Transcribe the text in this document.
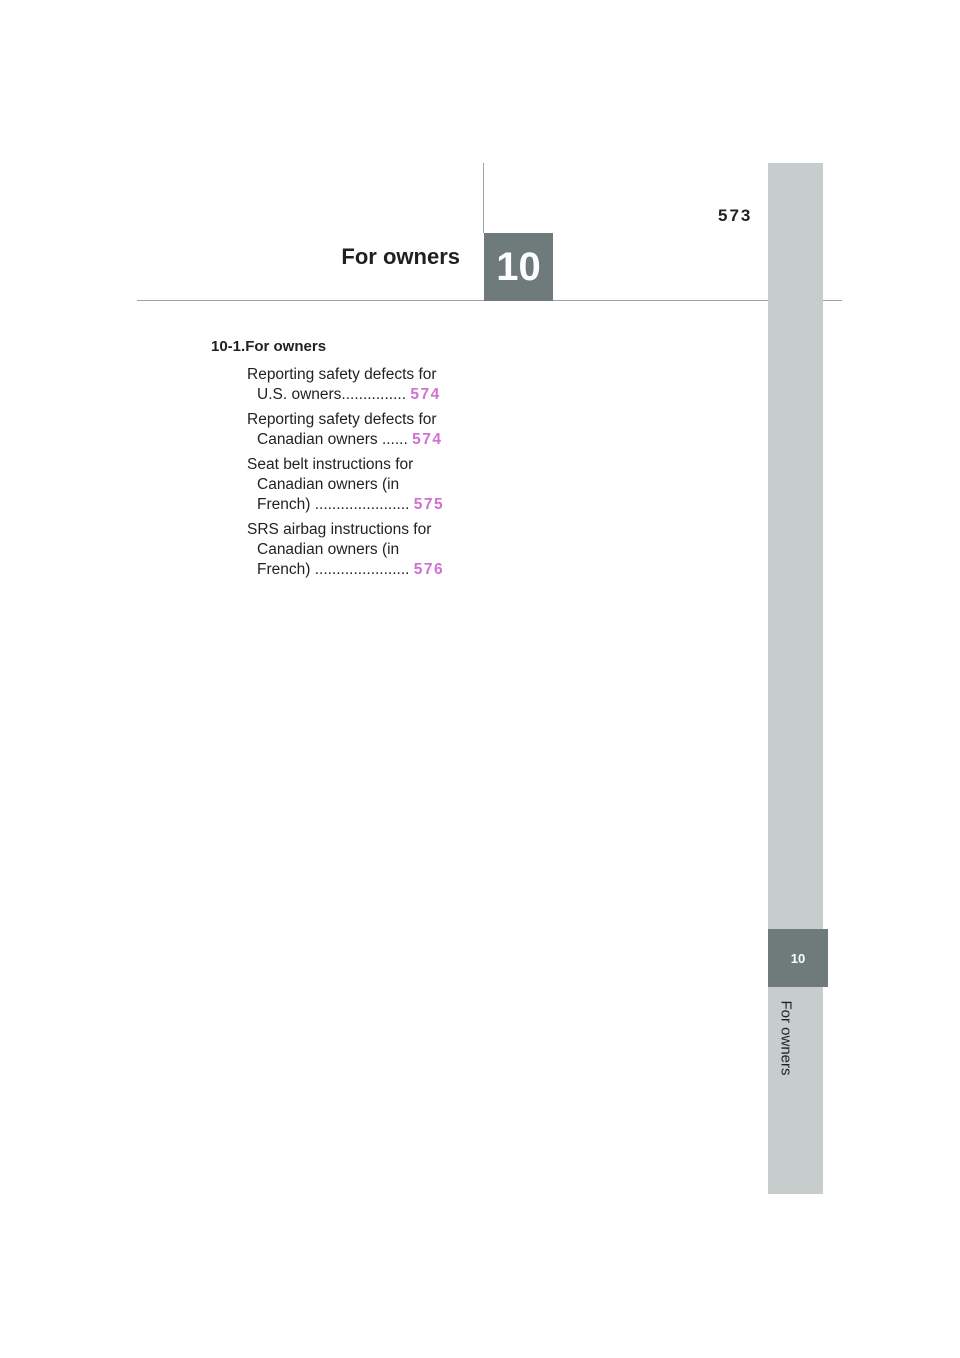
573
For owners 10
10
For owners
10-1.For owners
Reporting safety defects for
U.S. owners............... 574
Reporting safety defects for
Canadian owners ...... 574
Seat belt instructions for
Canadian owners (in
French) ...................... 575
SRS airbag instructions for
Canadian owners (in
French) ...................... 576
